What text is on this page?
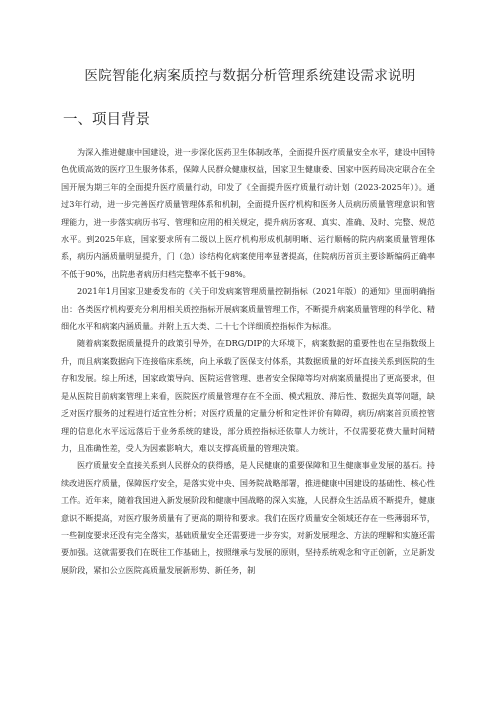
医院智能化病案质控与数据分析管理系统建设需求说明
一、项目背景

为深入推进健康中国建设，进一步深化医药卫生体制改革，全面提升医疗质量安全水平，建设中国特色优质高效的医疗卫生服务体系，保障人民群众健康权益，国家卫生健康委、国家中医药局决定联合在全国开展为期三年的全面提升医疗质量行动，印发了《全面提升医疗质量行动计划（2023-2025年）》。通过3年行动，进一步完善医疗质量管理体系和机制，全面提升医疗机构和医务人员病历质量管理意识和管理能力，进一步落实病历书写、管理和应用的相关规定，提升病历客观、真实、准确、及时、完整、规范水平。到2025年底，国家要求所有二级以上医疗机构形成机制明晰、运行顺畅的院内病案质量管理体系，病历内涵质量明显提升，门（急）诊结构化病案使用率显著提高，住院病历首页主要诊断编码正确率不低于90%，出院患者病历归档完整率不低于98%。

2021年1月国家卫建委发布的《关于印发病案管理质量控制指标（2021年版）的通知》里面明确指出：各类医疗机构要充分利用相关质控指标开展病案质量管理工作，不断提升病案质量管理的科学化、精细化水平和病案内涵质量。并附上五大类、二十七个详细质控指标作为标准。

随着病案数据质量提升的政策引导外，在DRG/DIP的大环境下，病案数据的重要性也在呈指数级上升，而且病案数据向下连接临床系统，向上承载了医保支付体系，其数据质量的好坏直接关系到医院的生存和发展。综上所述，国家政策导向、医院运营管理、患者安全保障等均对病案质量提出了更高要求，但是从医院目前病案管理上来看，医院医疗质量管理存在不全面、模式粗放、滞后性、数据失真等问题，缺乏对医疗服务的过程进行适宜性分析；对医疗质量的定量分析和定性评价有障碍，病历/病案首页质控管理的信息化水平远远落后于业务系统的建设，部分质控指标还依靠人力统计，不仅需要花费大量时间精力，且准确性差，受人为因素影响大，难以支撑高质量的管理决策。

医疗质量安全直接关系到人民群众的获得感，是人民健康的重要保障和卫生健康事业发展的基石。持续改进医疗质量，保障医疗安全，是落实党中央、国务院战略部署，推进健康中国建设的基础性、核心性工作。近年来，随着我国进入新发展阶段和健康中国战略的深入实施，人民群众生活品质不断提升，健康意识不断提高，对医疗服务质量有了更高的期待和要求。我们在医疗质量安全领域还存在一些薄弱环节，一些制度要求还没有完全落实，基础质量安全还需要进一步夯实，对新发展理念、方法的理解和实施还需要加强。这就需要我们在既往工作基础上，按照继承与发展的原则，坚持系统观念和守正创新，立足新发展阶段，紧扣公立医院高质量发展新形势、新任务，制
